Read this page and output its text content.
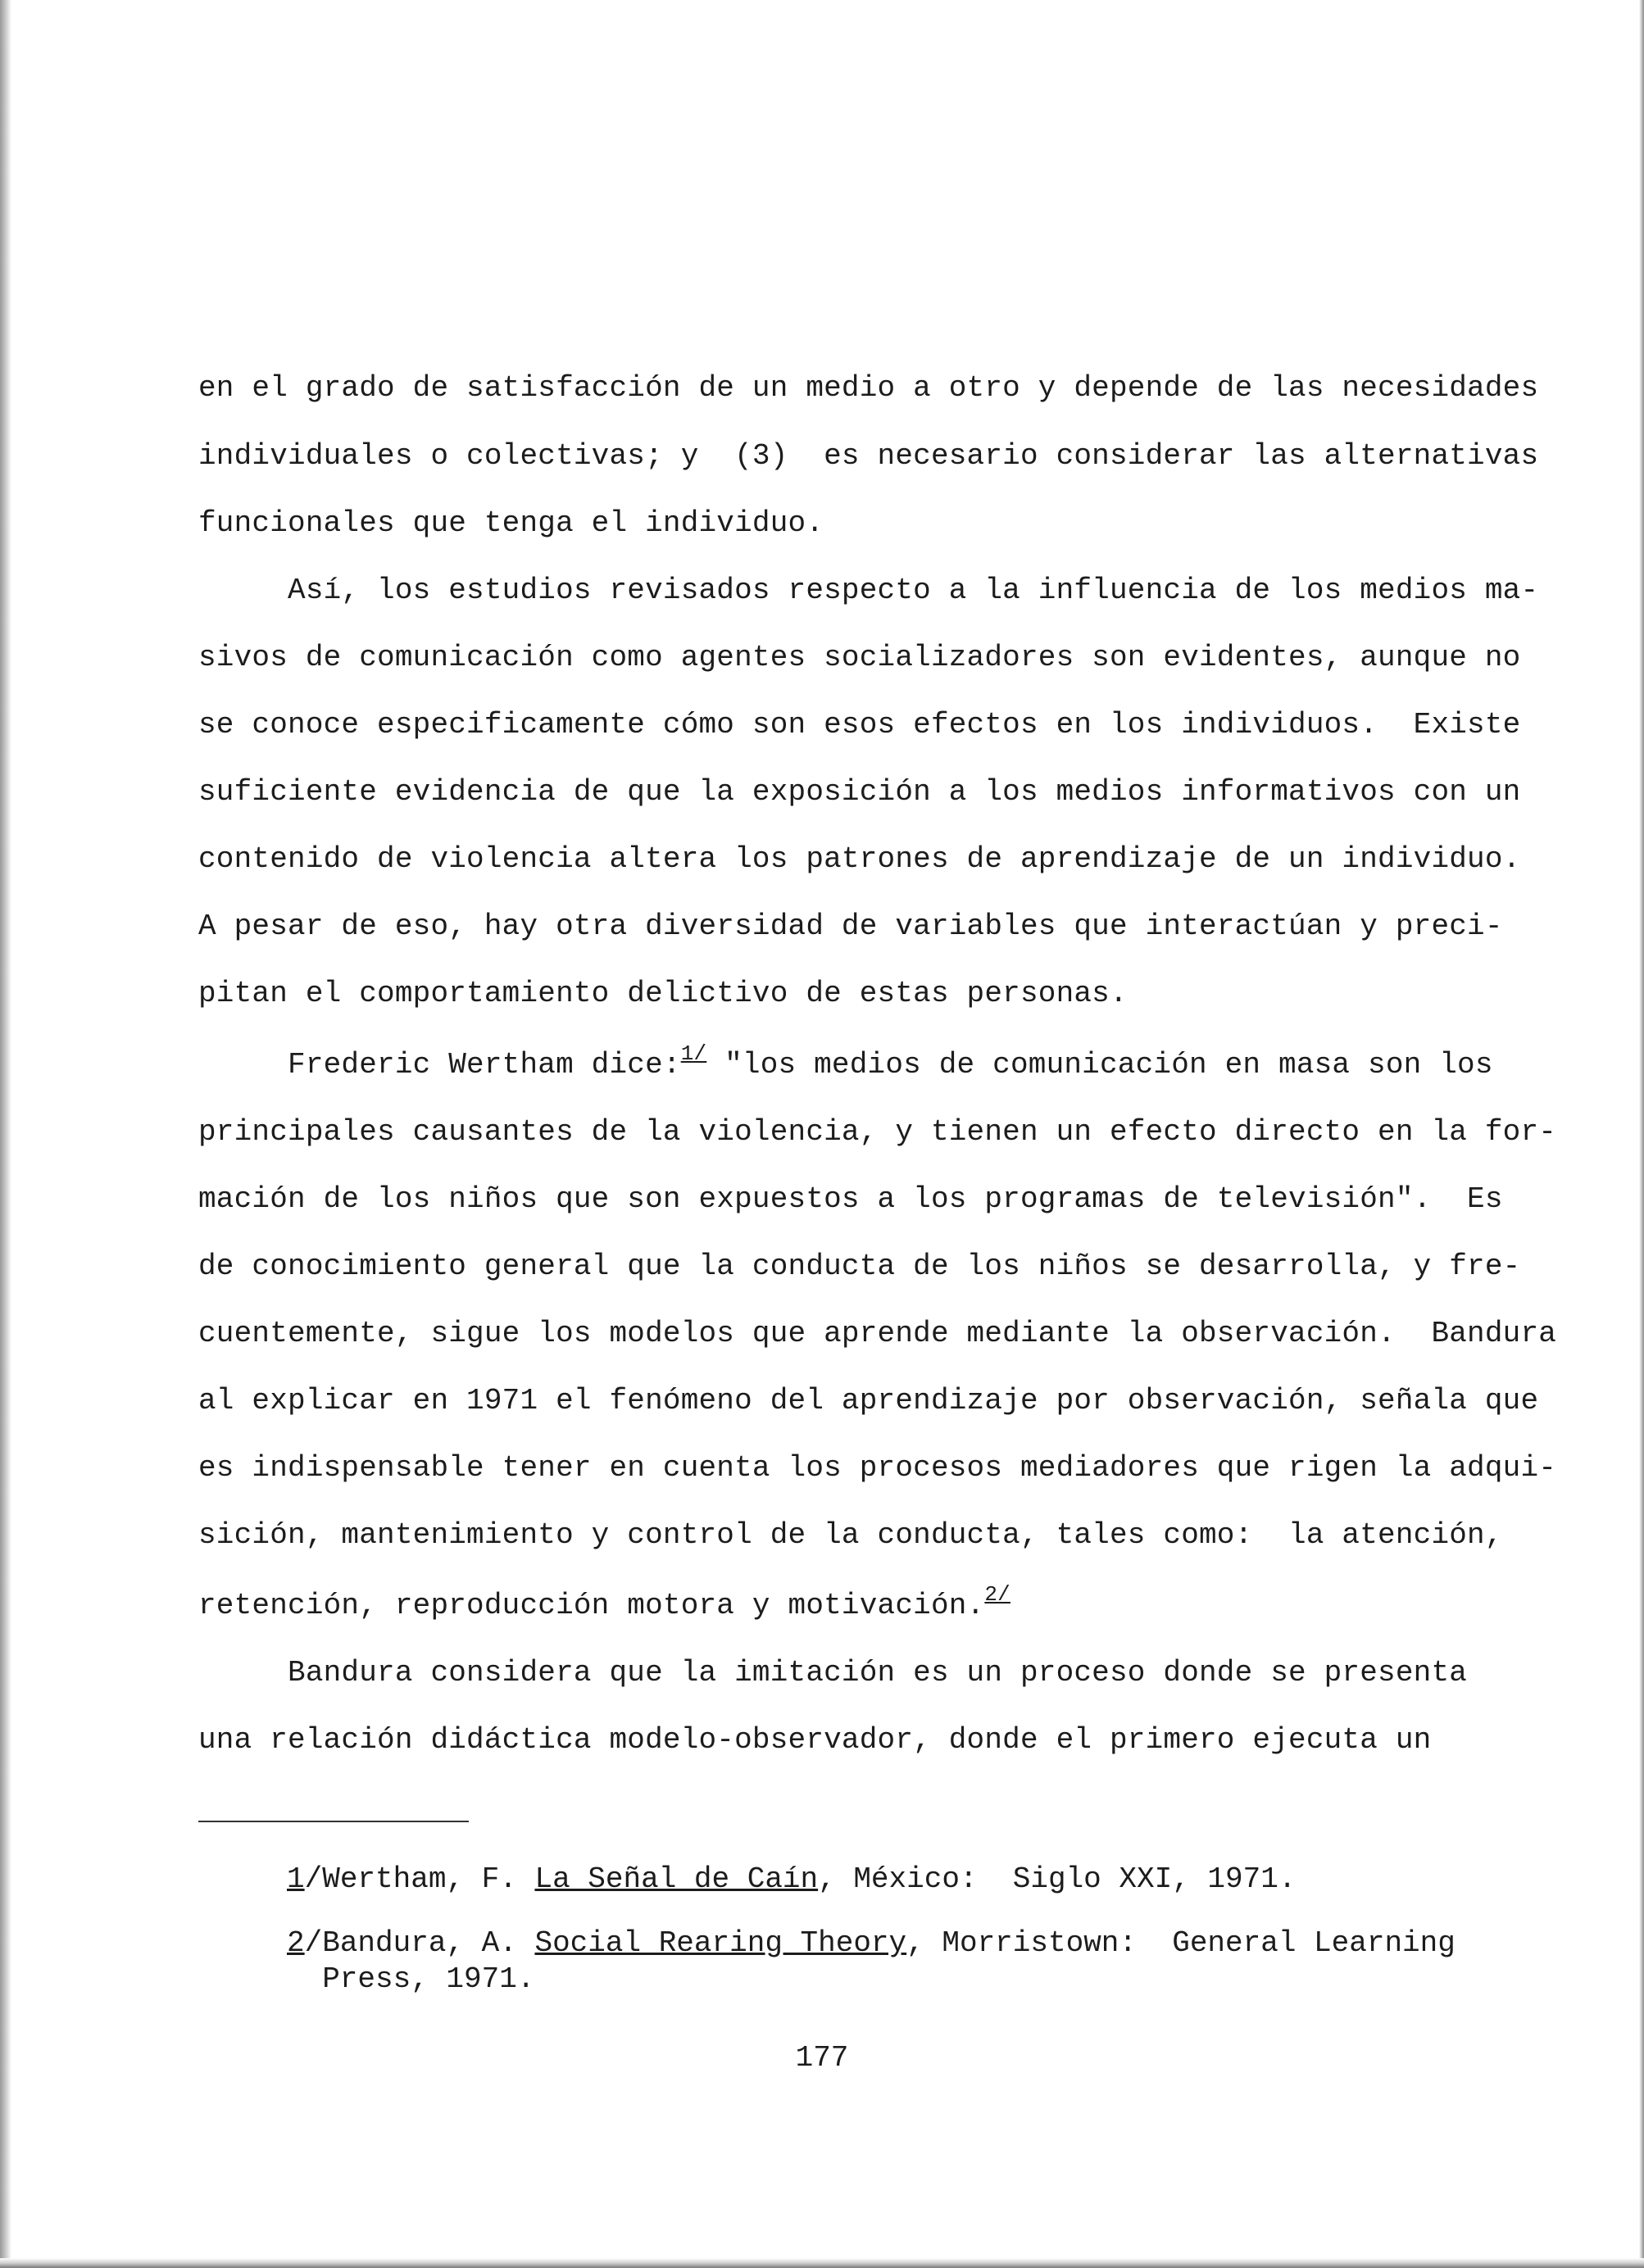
en el grado de satisfacción de un medio a otro y depende de las necesidades
individuales o colectivas; y  (3)  es necesario considerar las alternativas
funcionales que tenga el individuo.
Así, los estudios revisados respecto a la influencia de los medios ma-
sivos de comunicación como agentes socializadores son evidentes, aunque no
se conoce especificamente cómo son esos efectos en los individuos.  Existe
suficiente evidencia de que la exposición a los medios informativos con un
contenido de violencia altera los patrones de aprendizaje de un individuo.
A pesar de eso, hay otra diversidad de variables que interactúan y preci-
pitan el comportamiento delictivo de estas personas.
Frederic Wertham dice:$^{1/}$ "los medios de comunicación en masa son los
principales causantes de la violencia, y tienen un efecto directo en la for-
mación de los niños que son expuestos a los programas de televisión".  Es
de conocimiento general que la conducta de los niños se desarrolla, y fre-
cuentemente, sigue los modelos que aprende mediante la observación.  Bandura
al explicar en 1971 el fenómeno del aprendizaje por observación, señala que
es indispensable tener en cuenta los procesos mediadores que rigen la adqui-
sición, mantenimiento y control de la conducta, tales como:  la atención,
retención, reproducción motora y motivación.$^{2/}$
Bandura considera que la imitación es un proceso donde se presenta
una relación didáctica modelo-observador, donde el primero ejecuta un
1/Wertham, F. La Señal de Caín, México:  Siglo XXI, 1971.
2/Bandura, A. Social Rearing Theory, Morristown:  General Learning
Press, 1971.
177
